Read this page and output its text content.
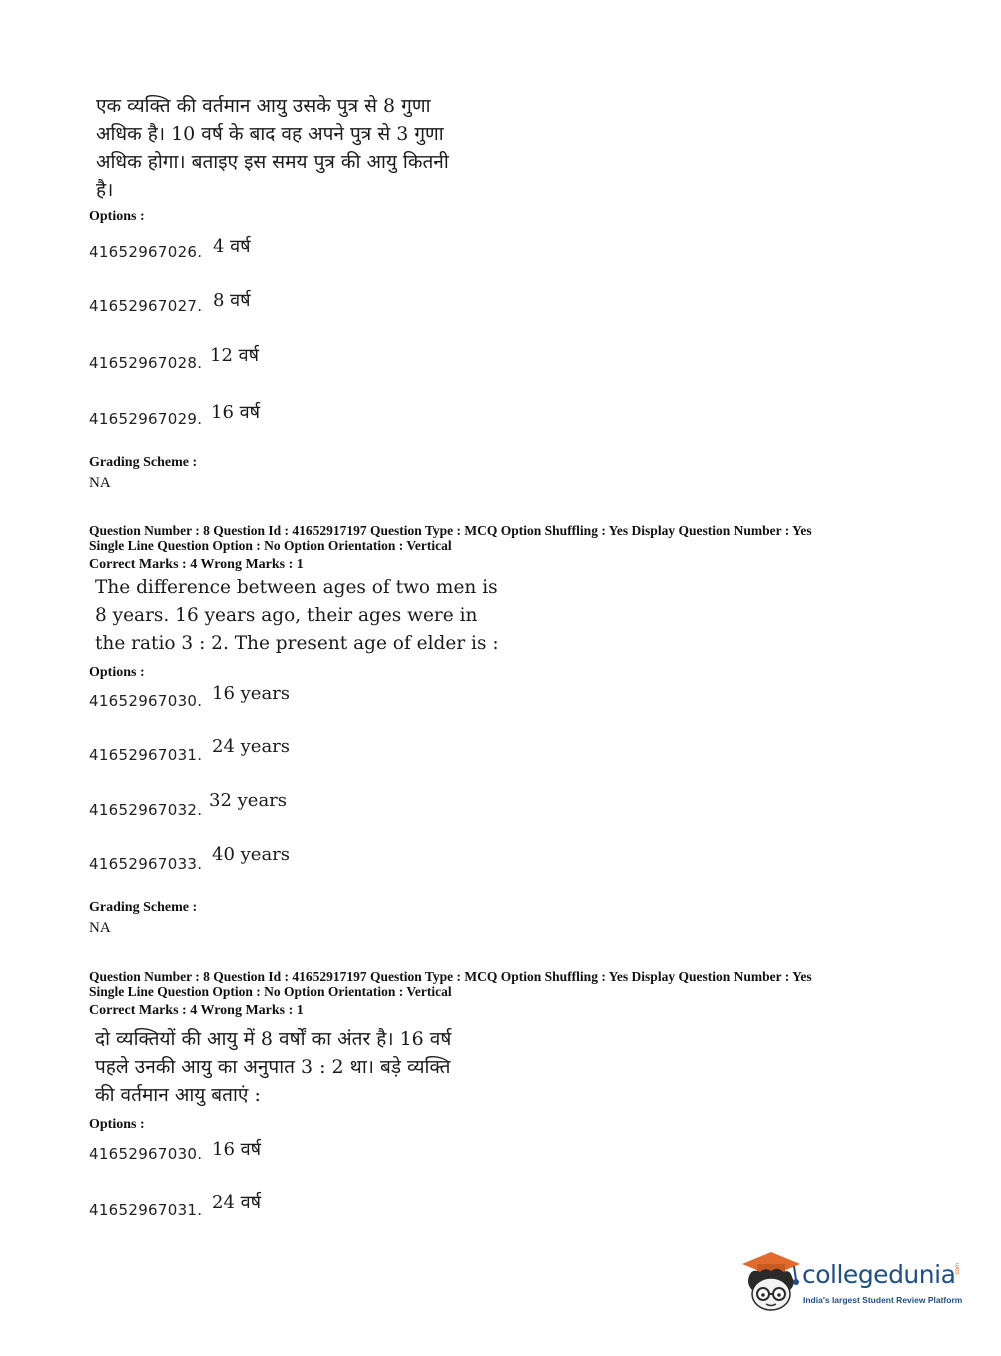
एक व्यक्ति की वर्तमान आयु उसके पुत्र से 8 गुणा
अधिक है। 10 वर्ष के बाद वह अपने पुत्र से 3 गुणा
अधिक होगा। बताइए इस समय पुत्र की आयु कितनी
है।
Options :
41652967026. 4 वर्ष
41652967027. 8 वर्ष
41652967028. 12 वर्ष
41652967029. 16 वर्ष
Grading Scheme :
NA
Question Number : 8 Question Id : 41652917197 Question Type : MCQ Option Shuffling : Yes Display Question Number : Yes
Single Line Question Option : No Option Orientation : Vertical
Correct Marks : 4 Wrong Marks : 1
The difference between ages of two men is
8 years. 16 years ago, their ages were in
the ratio 3 : 2. The present age of elder is :
Options :
41652967030. 16 years
41652967031. 24 years
41652967032. 32 years
41652967033. 40 years
Grading Scheme :
NA
Question Number : 8 Question Id : 41652917197 Question Type : MCQ Option Shuffling : Yes Display Question Number : Yes
Single Line Question Option : No Option Orientation : Vertical
Correct Marks : 4 Wrong Marks : 1
दो व्यक्तियों की आयु में 8 वर्षों का अंतर है। 16 वर्ष
पहले उनकी आयु का अनुपात 3 : 2 था। बड़े व्यक्ति
की वर्तमान आयु बताएं :
Options :
41652967030. 16 वर्ष
41652967031. 24 वर्ष
collegedunia .com
India's largest Student Review Platform
